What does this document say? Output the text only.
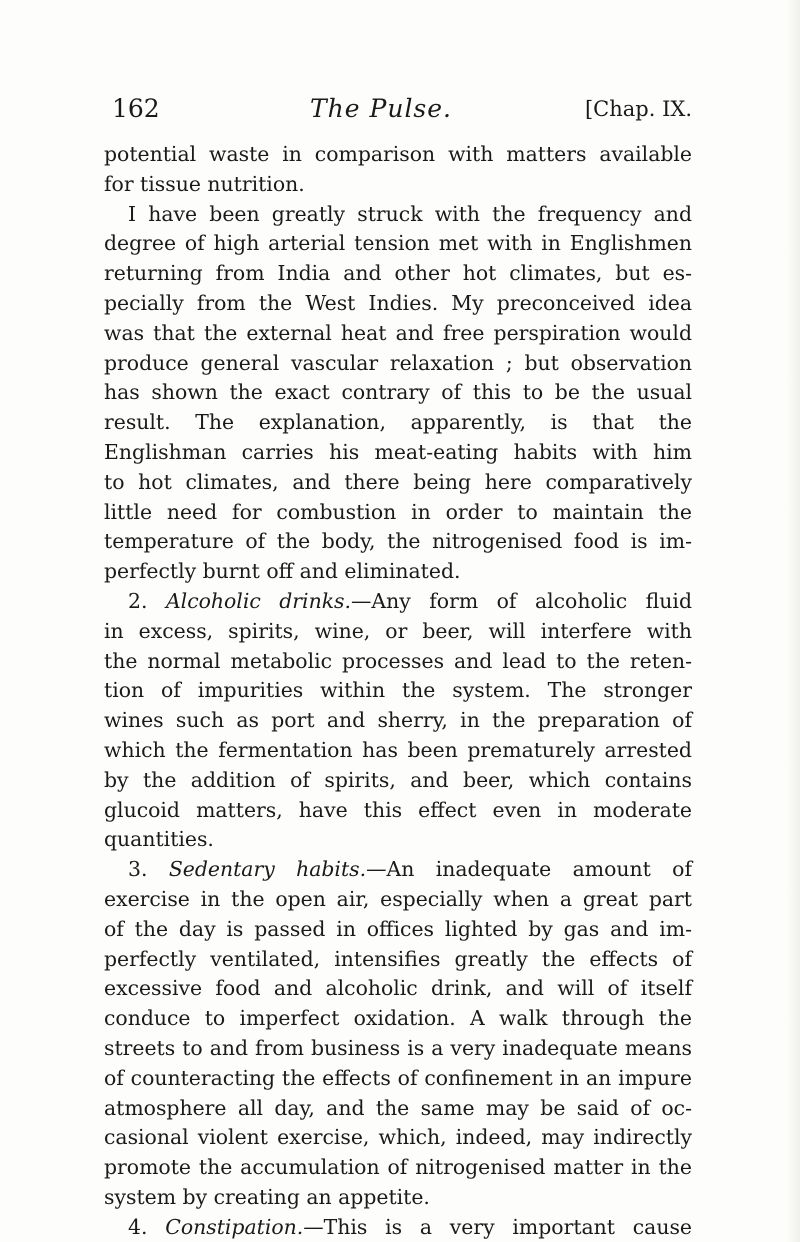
162	The Pulse.	[Chap. IX.
potential waste in comparison with matters available
for tissue nutrition.
I have been greatly struck with the frequency and
degree of high arterial tension met with in Englishmen
returning from India and other hot climates, but es-
pecially from the West Indies. My preconceived idea
was that the external heat and free perspiration would
produce general vascular relaxation ; but observation
has shown the exact contrary of this to be the usual
result. The explanation, apparently, is that the
Englishman carries his meat-eating habits with him
to hot climates, and there being here comparatively
little need for combustion in order to maintain the
temperature of the body, the nitrogenised food is im-
perfectly burnt off and eliminated.
2. Alcoholic drinks.—Any form of alcoholic fluid
in excess, spirits, wine, or beer, will interfere with
the normal metabolic processes and lead to the reten-
tion of impurities within the system. The stronger
wines such as port and sherry, in the preparation of
which the fermentation has been prematurely arrested
by the addition of spirits, and beer, which contains
glucoid matters, have this effect even in moderate
quantities.
3. Sedentary habits.—An inadequate amount of
exercise in the open air, especially when a great part
of the day is passed in offices lighted by gas and im-
perfectly ventilated, intensifies greatly the effects of
excessive food and alcoholic drink, and will of itself
conduce to imperfect oxidation. A walk through the
streets to and from business is a very inadequate means
of counteracting the effects of confinement in an impure
atmosphere all day, and the same may be said of oc-
casional violent exercise, which, indeed, may indirectly
promote the accumulation of nitrogenised matter in the
system by creating an appetite.
4. Constipation.—This is a very important cause
